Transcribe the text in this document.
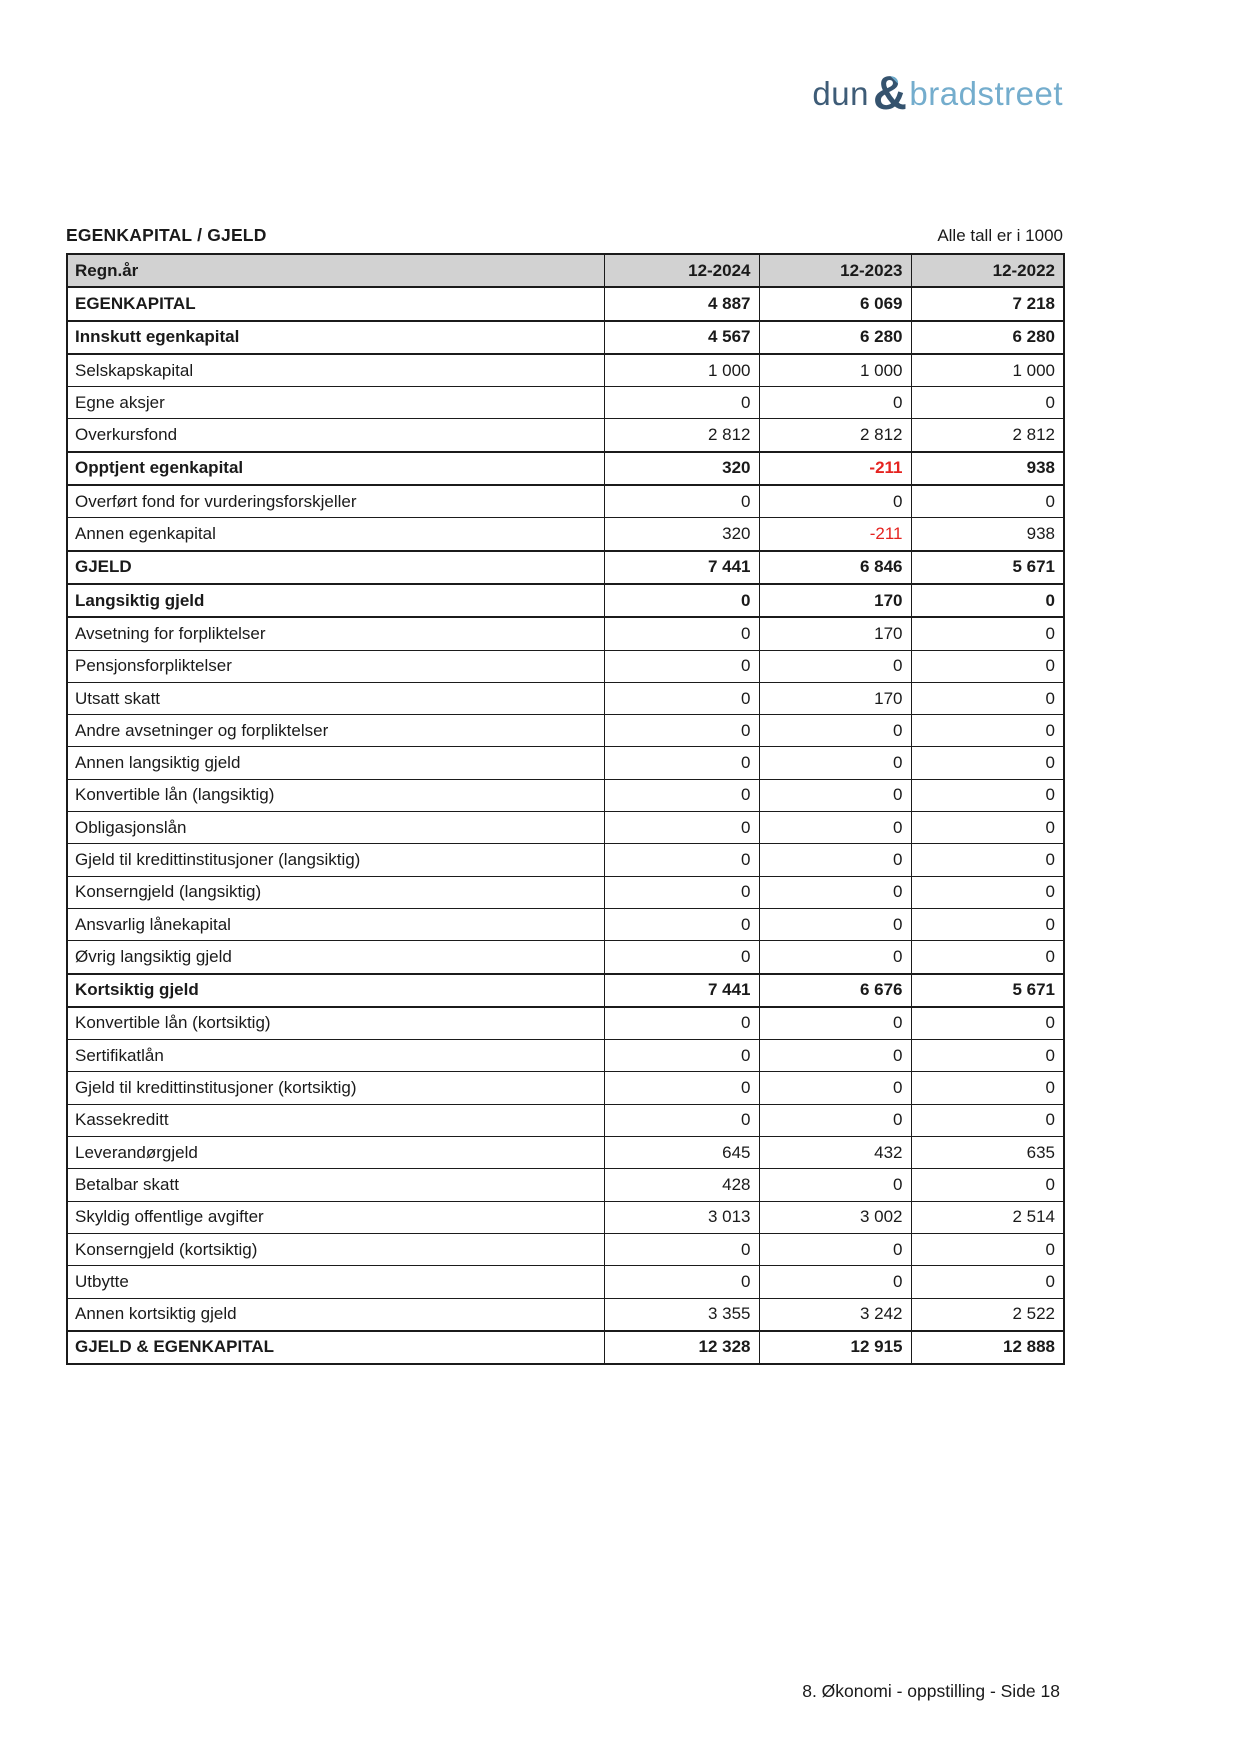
dun & bradstreet
EGENKAPITAL / GJELD	Alle tall er i 1000
Regn.år	12-2024	12-2023	12-2022
EGENKAPITAL	4 887	6 069	7 218
Innskutt egenkapital	4 567	6 280	6 280
Selskapskapital	1 000	1 000	1 000
Egne aksjer	0	0	0
Overkursfond	2 812	2 812	2 812
Opptjent egenkapital	320	-211	938
Overført fond for vurderingsforskjeller	0	0	0
Annen egenkapital	320	-211	938
GJELD	7 441	6 846	5 671
Langsiktig gjeld	0	170	0
Avsetning for forpliktelser	0	170	0
Pensjonsforpliktelser	0	0	0
Utsatt skatt	0	170	0
Andre avsetninger og forpliktelser	0	0	0
Annen langsiktig gjeld	0	0	0
Konvertible lån (langsiktig)	0	0	0
Obligasjonslån	0	0	0
Gjeld til kredittinstitusjoner (langsiktig)	0	0	0
Konserngjeld (langsiktig)	0	0	0
Ansvarlig lånekapital	0	0	0
Øvrig langsiktig gjeld	0	0	0
Kortsiktig gjeld	7 441	6 676	5 671
Konvertible lån (kortsiktig)	0	0	0
Sertifikatlån	0	0	0
Gjeld til kredittinstitusjoner (kortsiktig)	0	0	0
Kassekreditt	0	0	0
Leverandørgjeld	645	432	635
Betalbar skatt	428	0	0
Skyldig offentlige avgifter	3 013	3 002	2 514
Konserngjeld (kortsiktig)	0	0	0
Utbytte	0	0	0
Annen kortsiktig gjeld	3 355	3 242	2 522
GJELD & EGENKAPITAL	12 328	12 915	12 888
8. Økonomi - oppstilling - Side 18
